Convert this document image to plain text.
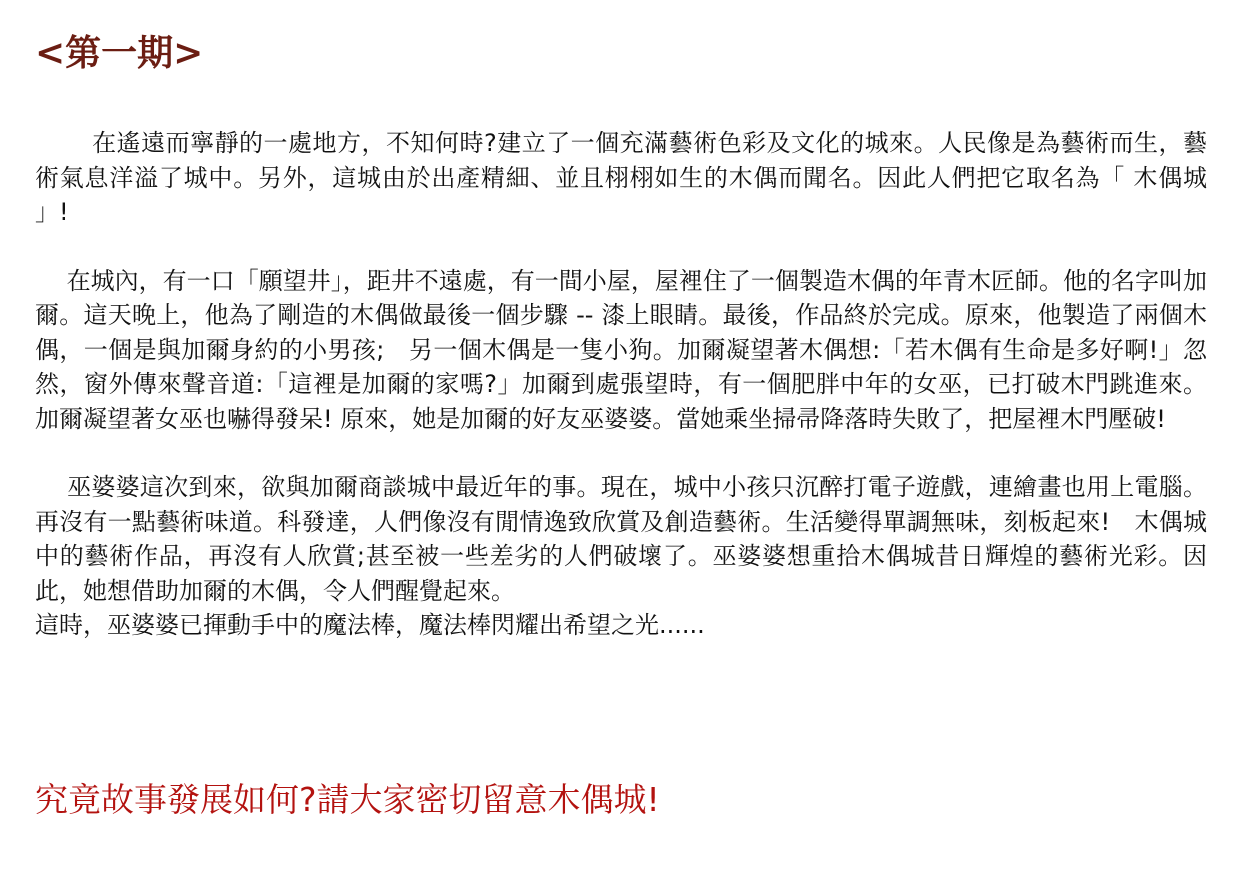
<第一期>

　　 在遙遠而寧靜的一處地方，不知何時?建立了一個充滿藝術色彩及文化的城來。人民像是為藝術而生，藝術氣息洋溢了城中。另外，這城由於出產精細、並且栩栩如生的木偶而聞名。因此人們把它取名為「 木偶城 」!

　 在城內，有一口「願望井」，距井不遠處，有一間小屋，屋裡住了一個製造木偶的年青木匠師。他的名字叫加爾。這天晚上，他為了剛造的木偶做最後一個步驟 -- 漆上眼睛。最後，作品終於完成。原來，他製造了兩個木偶，一個是與加爾身約的小男孩;　另一個木偶是一隻小狗。加爾凝望著木偶想:「若木偶有生命是多好啊!」忽然，窗外傳來聲音道:「這裡是加爾的家嗎?」加爾到處張望時，有一個肥胖中年的女巫，已打破木門跳進來。加爾凝望著女巫也嚇得發呆! 原來，她是加爾的好友巫婆婆。當她乘坐掃帚降落時失敗了，把屋裡木門壓破!

　 巫婆婆這次到來，欲與加爾商談城中最近年的事。現在，城中小孩只沉醉打電子遊戲，連繪畫也用上電腦。再沒有一點藝術味道。科發達，人們像沒有閒情逸致欣賞及創造藝術。生活變得單調無味，刻板起來!　木偶城中的藝術作品，再沒有人欣賞;甚至被一些差劣的人們破壞了。巫婆婆想重拾木偶城昔日輝煌的藝術光彩。因此，她想借助加爾的木偶，令人們醒覺起來。

這時，巫婆婆已揮動手中的魔法棒，魔法棒閃耀出希望之光......

究竟故事發展如何?請大家密切留意木偶城!
